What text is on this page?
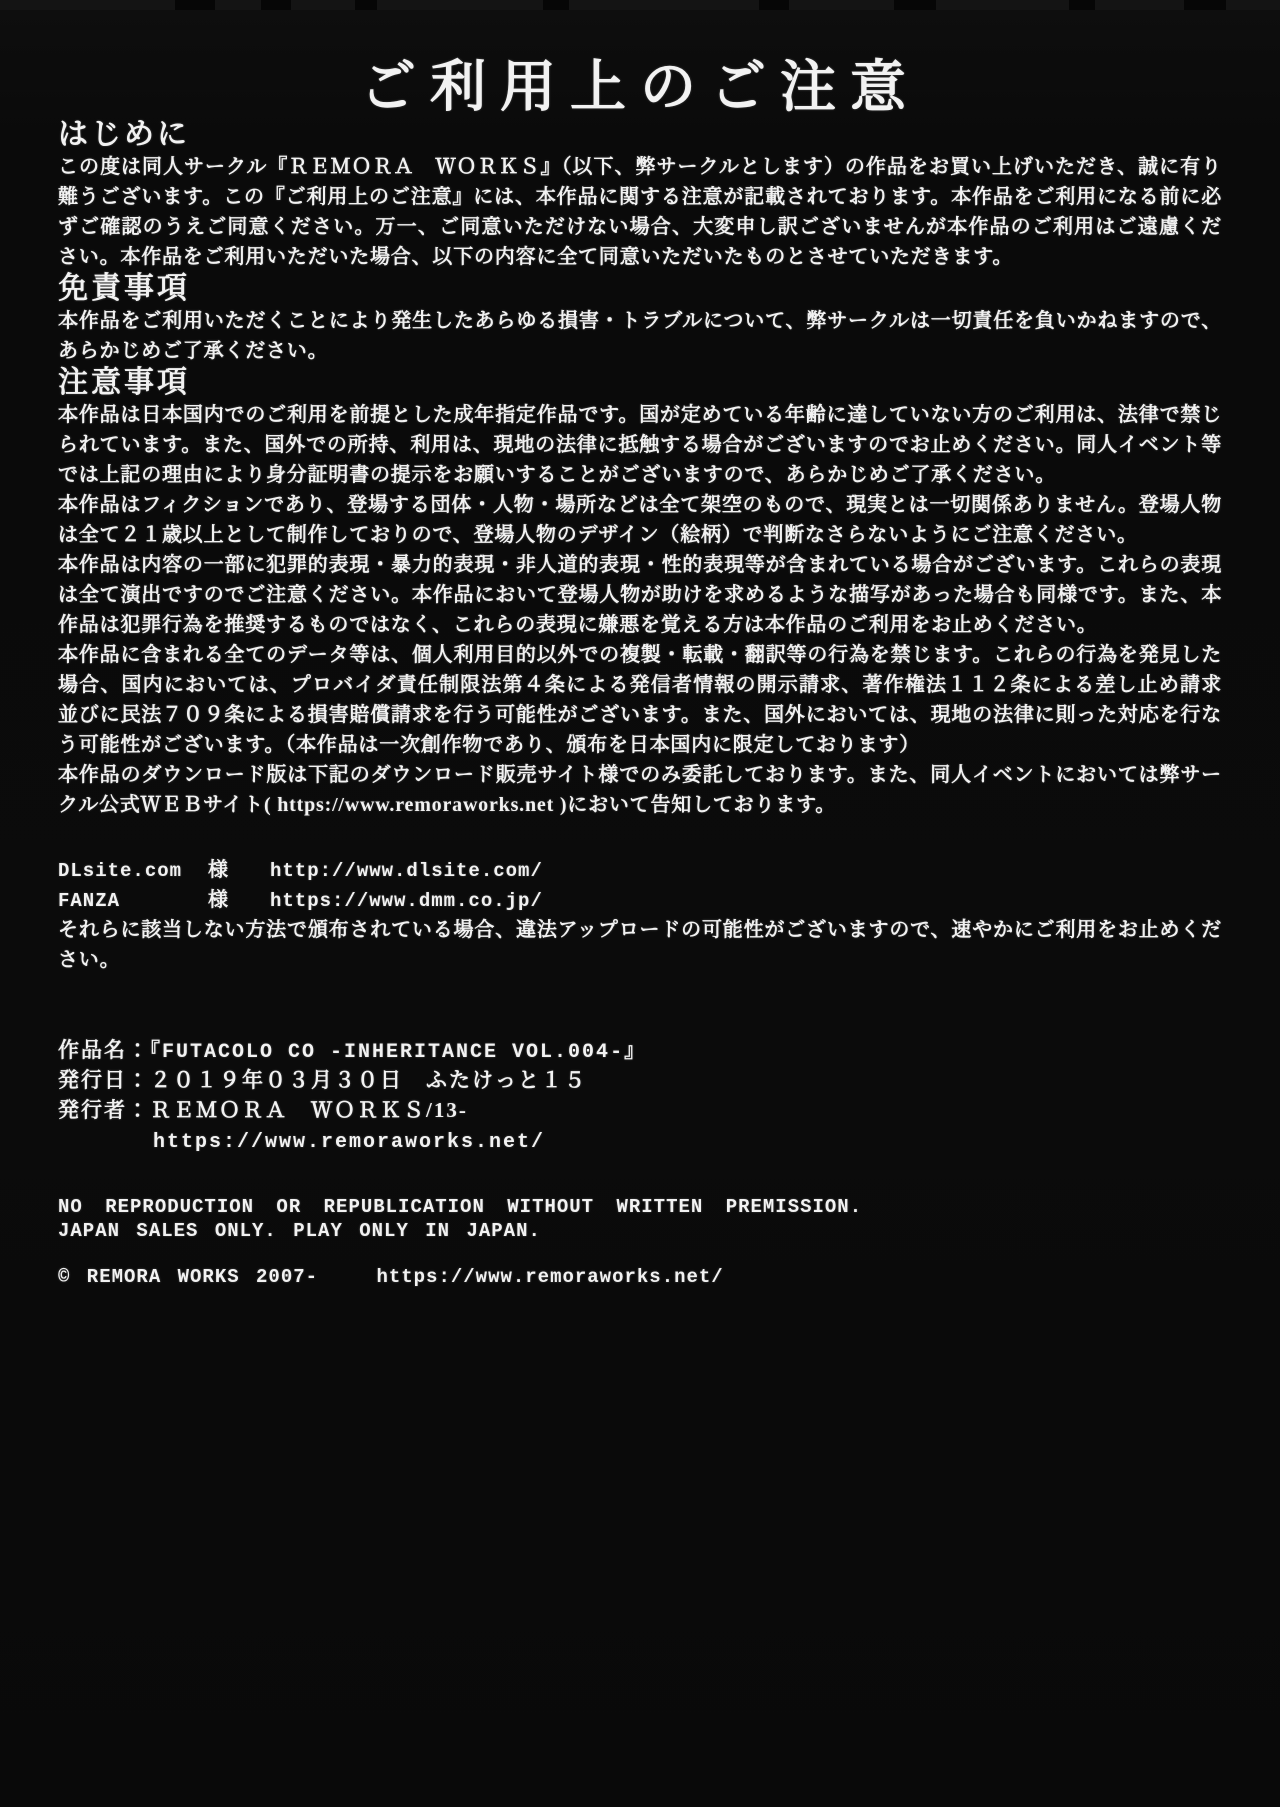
ご利用上のご注意
はじめに

この度は同人サークル『ＲＥＭＯＲＡ　ＷＯＲＫＳ』（以下、弊サークルとします）の作品をお買い上げいただき、誠に有り難うございます。この『ご利用上のご注意』には、本作品に関する注意が記載されております。本作品をご利用になる前に必ずご確認のうえご同意ください。万一、ご同意いただけない場合、大変申し訳ございませんが本作品のご利用はご遠慮ください。本作品をご利用いただいた場合、以下の内容に全て同意いただいたものとさせていただきます。

免責事項

本作品をご利用いただくことにより発生したあらゆる損害・トラブルについて、弊サークルは一切責任を負いかねますので、あらかじめご了承ください。

注意事項

本作品は日本国内でのご利用を前提とした成年指定作品です。国が定めている年齢に達していない方のご利用は、法律で禁じられています。また、国外での所持、利用は、現地の法律に抵触する場合がございますのでお止めください。同人イベント等では上記の理由により身分証明書の提示をお願いすることがございますので、あらかじめご了承ください。

本作品はフィクションであり、登場する団体・人物・場所などは全て架空のもので、現実とは一切関係ありません。登場人物は全て２１歳以上として制作しておりので、登場人物のデザイン（絵柄）で判断なさらないようにご注意ください。

本作品は内容の一部に犯罪的表現・暴力的表現・非人道的表現・性的表現等が含まれている場合がございます。これらの表現は全て演出ですのでご注意ください。本作品において登場人物が助けを求めるような描写があった場合も同様です。また、本作品は犯罪行為を推奨するものではなく、これらの表現に嫌悪を覚える方は本作品のご利用をお止めください。

本作品に含まれる全てのデータ等は、個人利用目的以外での複製・転載・翻訳等の行為を禁じます。これらの行為を発見した場合、国内においては、プロバイダ責任制限法第４条による発信者情報の開示請求、著作権法１１２条による差し止め請求並びに民法７０９条による損害賠償請求を行う可能性がございます。また、国外においては、現地の法律に則った対応を行なう可能性がございます。（本作品は一次創作物であり、頒布を日本国内に限定しております）

本作品のダウンロード版は下記のダウンロード販売サイト様でのみ委託しております。また、同人イベントにおいては弊サークル公式ＷＥＢサイト( https://www.remoraworks.net )において告知しております。

DLsite.com	様	http://www.dlsite.com/
FANZA	様	https://www.dmm.co.jp/

それらに該当しない方法で頒布されている場合、違法アップロードの可能性がございますので、速やかにご利用をお止めください。

作品名：『FUTACOLO CO -INHERITANCE VOL.004-』
発行日：２０１９年０３月３０日　ふたけっと１５
発行者：ＲＥＭＯＲＡ　ＷＯＲＫＳ/13-
https://www.remoraworks.net/
NO REPRODUCTION OR REPUBLICATION WITHOUT WRITTEN PREMISSION.
JAPAN SALES ONLY. PLAY ONLY IN JAPAN.
© REMORA WORKS 2007-	https://www.remoraworks.net/
